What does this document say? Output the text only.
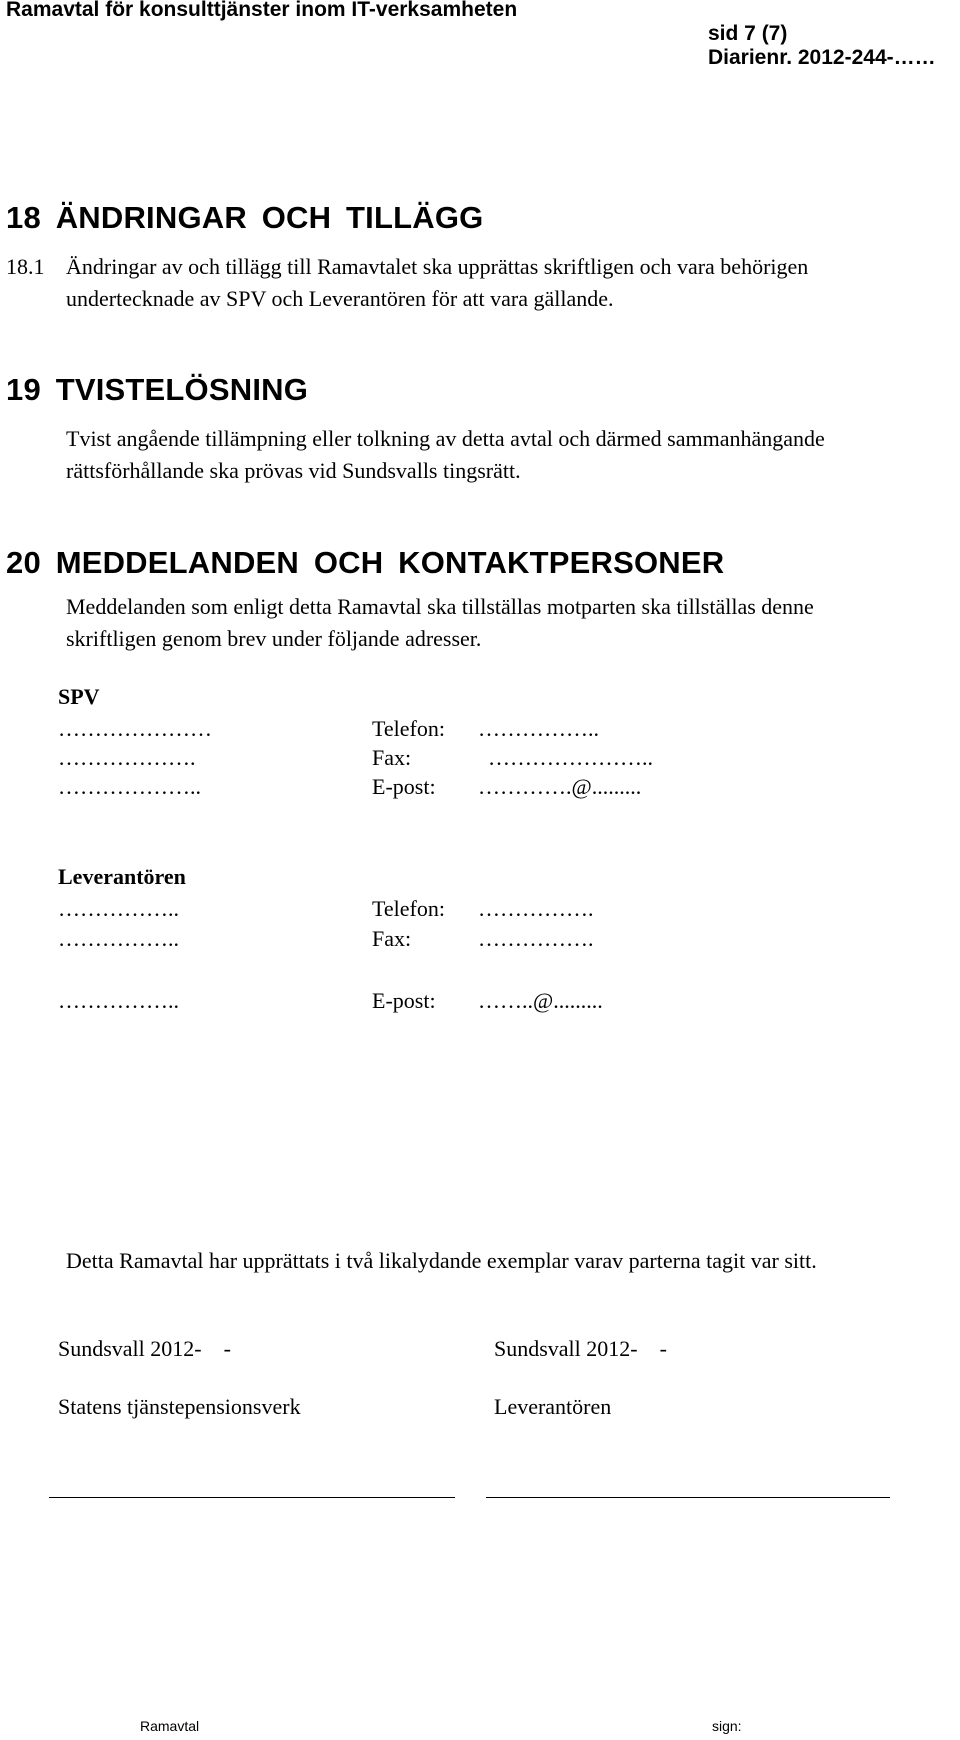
Ramavtal för konsulttjänster inom IT-verksamheten
sid 7 (7)
Diarienr. 2012-244-……
18 ÄNDRINGAR OCH TILLÄGG
18.1 Ändringar av och tillägg till Ramavtalet ska upprättas skriftligen och vara behörigen
undertecknade av SPV och Leverantören för att vara gällande.
19 TVISTELÖSNING
Tvist angående tillämpning eller tolkning av detta avtal och därmed sammanhängande
rättsförhållande ska prövas vid Sundsvalls tingsrätt.
20 MEDDELANDEN OCH KONTAKTPERSONER
Meddelanden som enligt detta Ramavtal ska tillställas motparten ska tillställas denne
skriftligen genom brev under följande adresser.
SPV
…………………	Telefon: ……………..
……………….	Fax:	…………………..
………………..	E-post: ………….@.........
Leverantören
……………..	Telefon: …………….
……………..	Fax:	…………….
……………..	E-post: ……..@.........
Detta Ramavtal har upprättats i två likalydande exemplar varav parterna tagit var sitt.
Sundsvall 2012-    -	Sundsvall 2012-    -
Statens tjänstepensionsverk	Leverantören
Ramavtal	sign:
